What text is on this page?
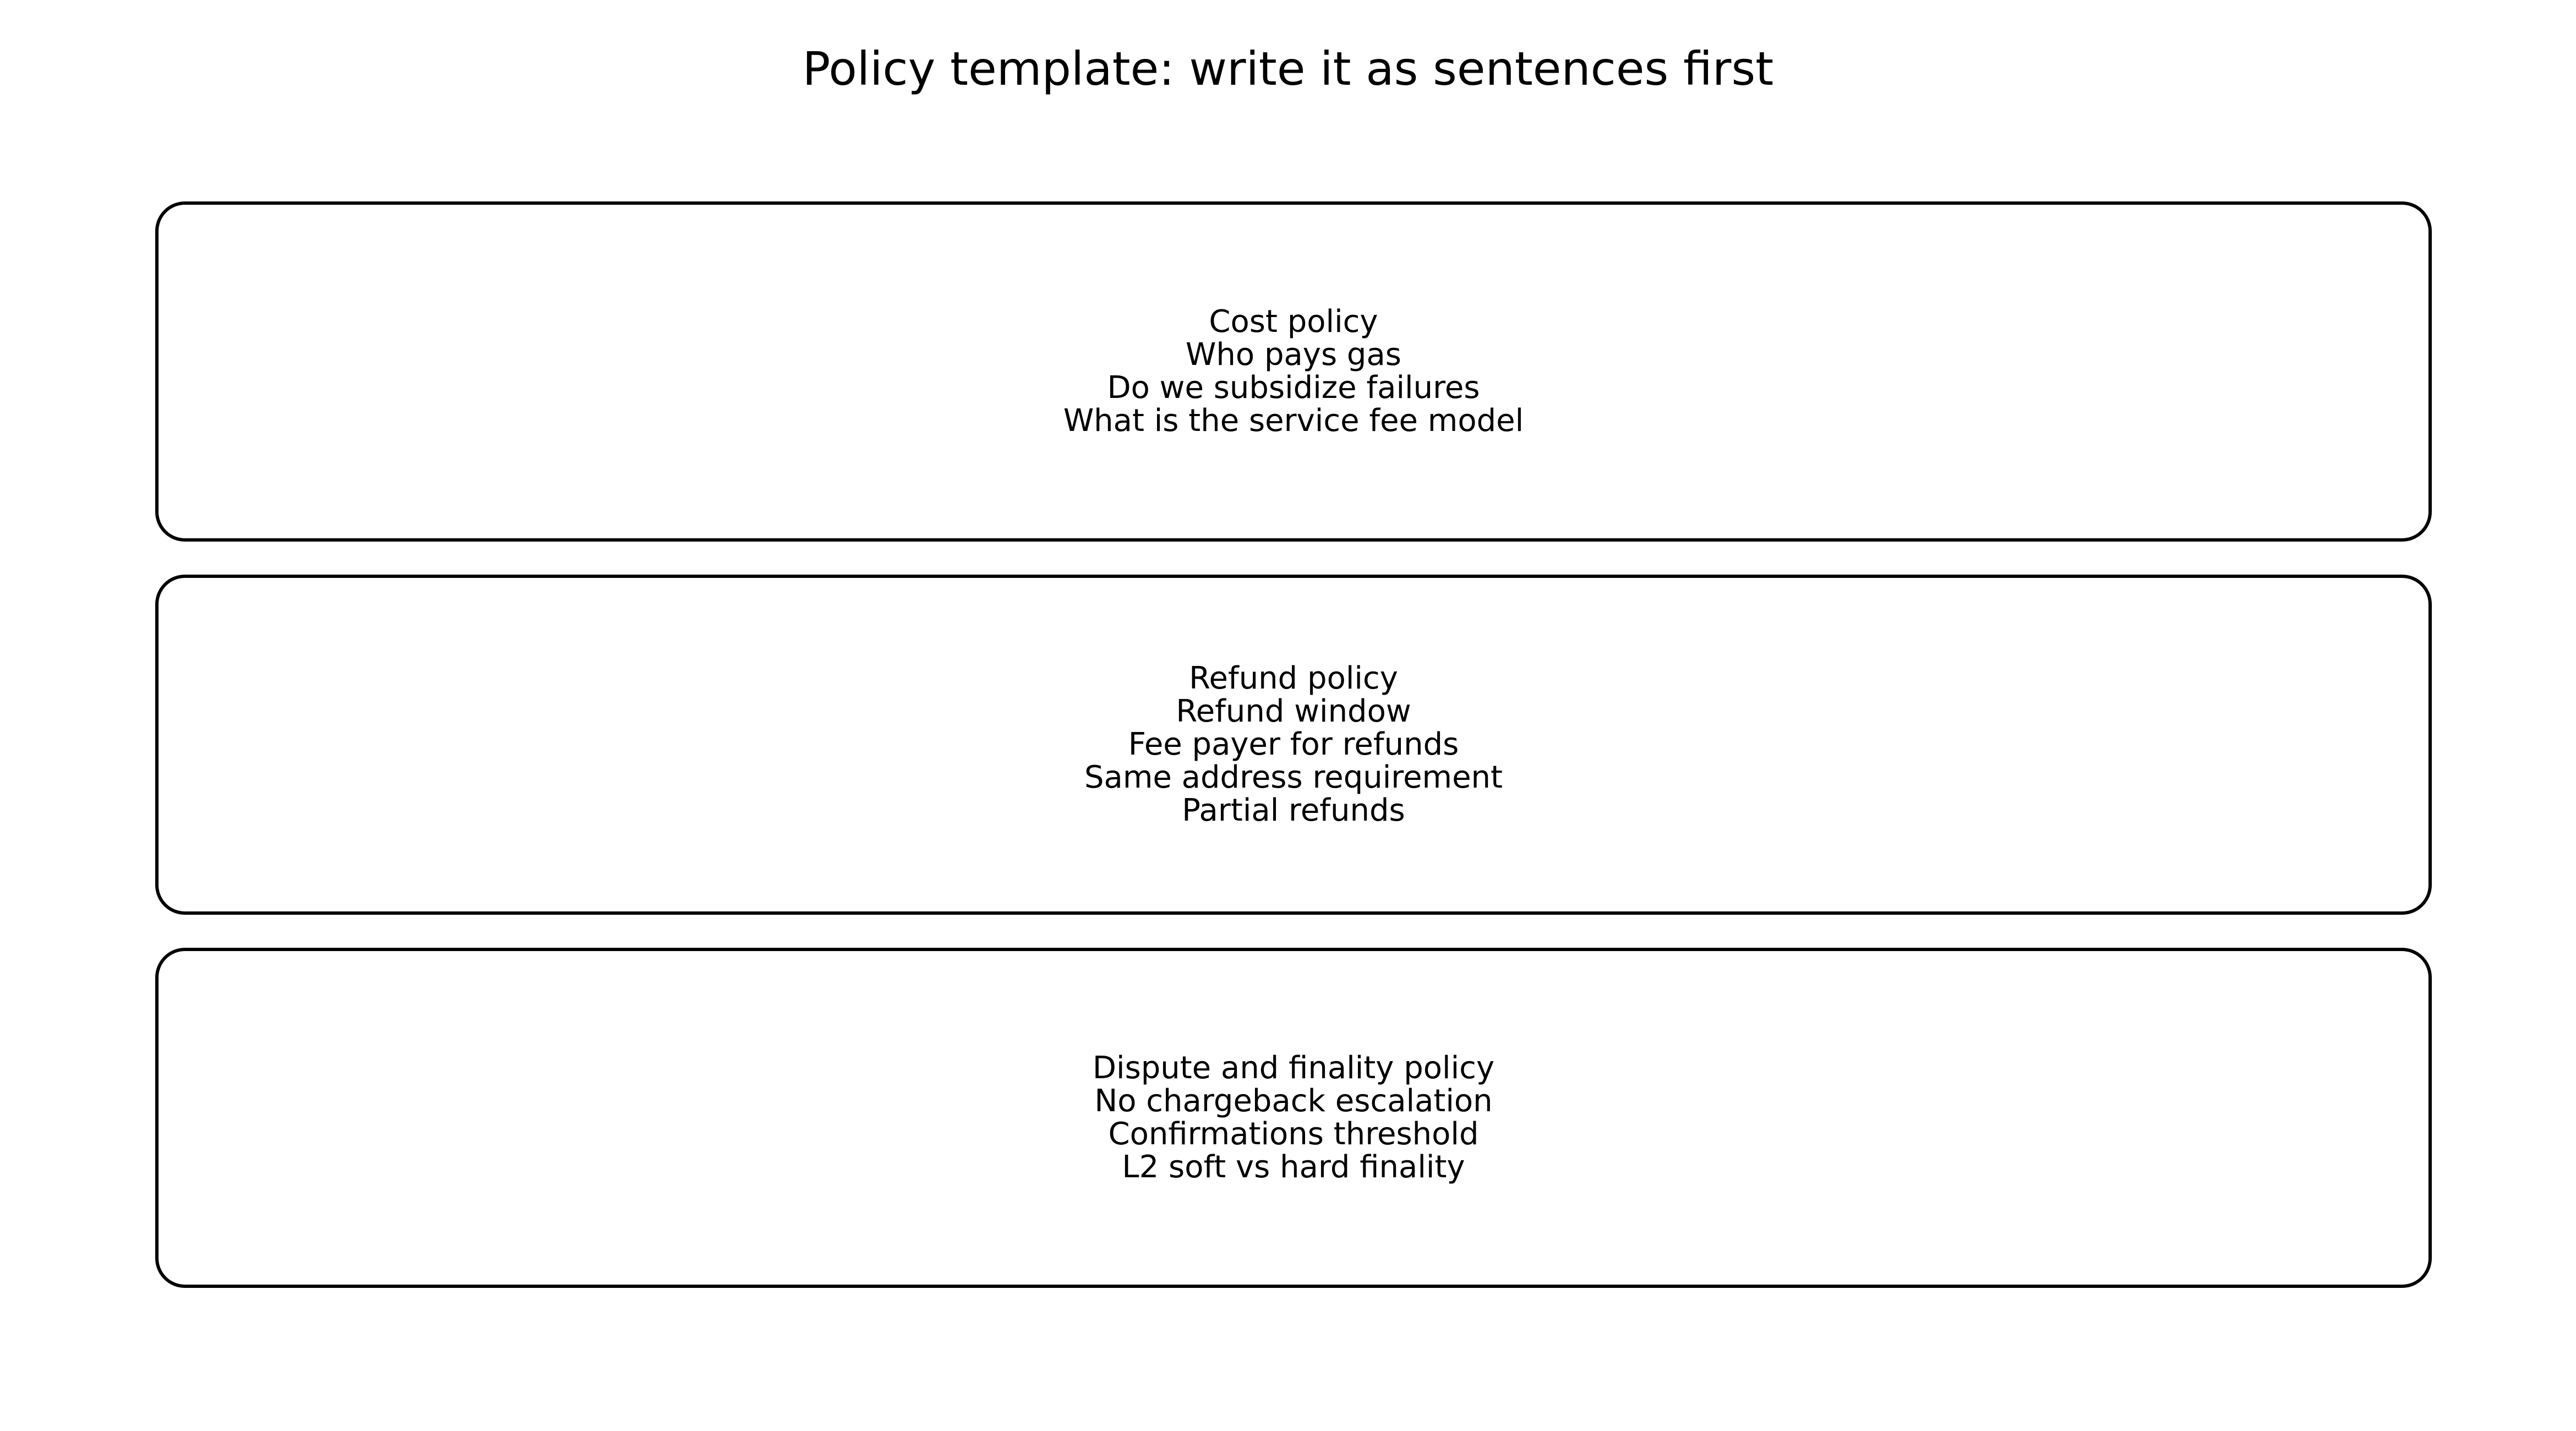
Policy template: write it as sentences first
Cost policy
Who pays gas
Do we subsidize failures
What is the service fee model
Refund policy
Refund window
Fee payer for refunds
Same address requirement
Partial refunds
Dispute and finality policy
No chargeback escalation
Confirmations threshold
L2 soft vs hard finality
